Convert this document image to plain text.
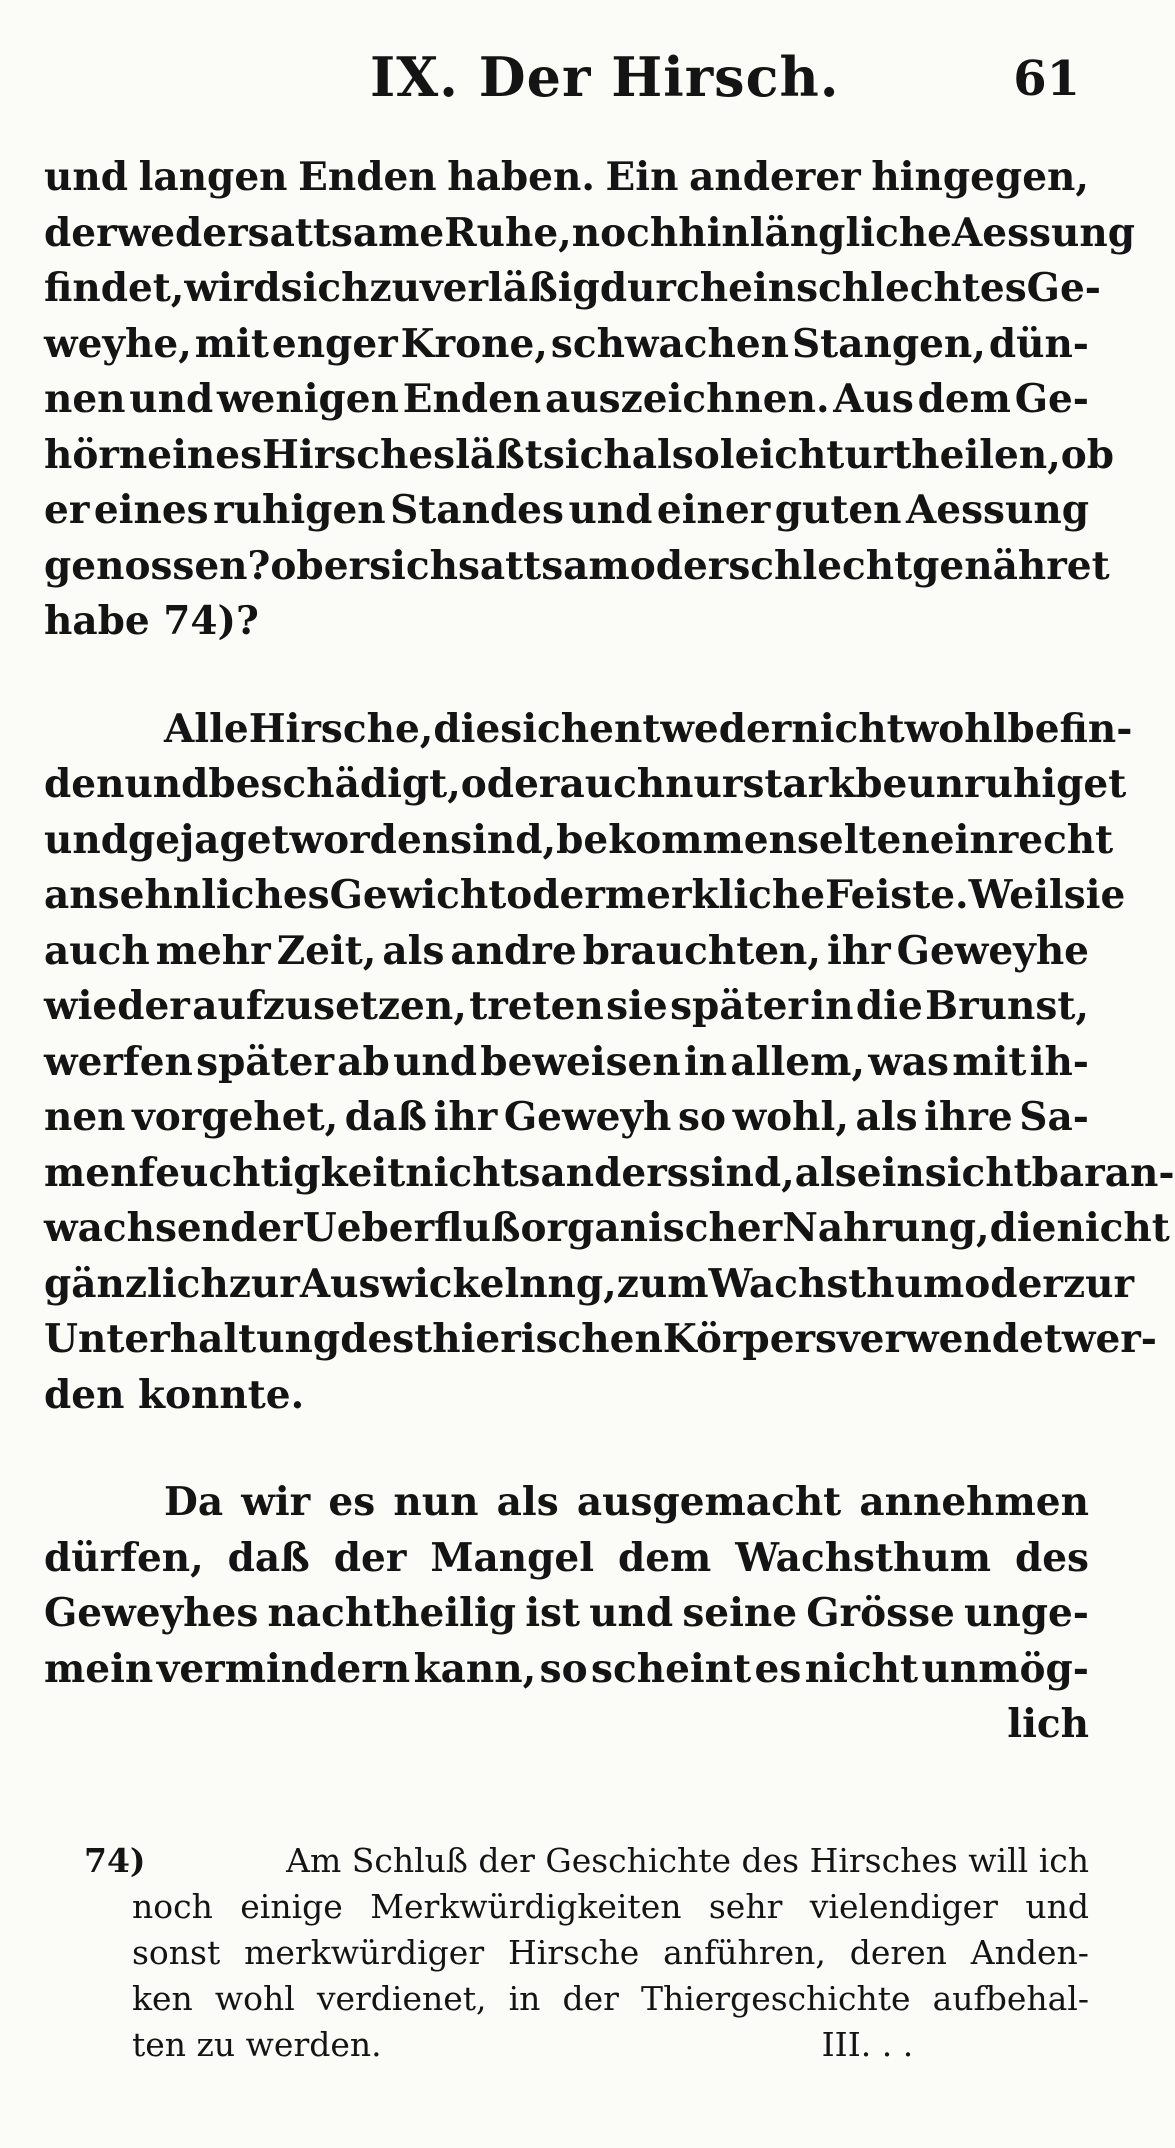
IX. Der Hirsch.	61
und langen Enden haben. Ein anderer hingegen,
der weder sattsame Ruhe, noch hinlängliche Aessung
findet, wird sich zuverläßig durch ein schlechtes Ge-
weyhe, mit enger Krone, schwachen Stangen, dün-
nen und wenigen Enden auszeichnen. Aus dem Ge-
hörn eines Hirsches läßt sich also leicht urtheilen, ob
er eines ruhigen Standes und einer guten Aessung
genossen? ob er sich sattsam oder schlecht genähret
habe 74)?
Alle Hirsche, die sich entweder nicht wohl befin-
den und beschädigt, oder auch nur stark beunruhiget
und gejaget worden sind, bekommen selten ein recht
ansehnliches Gewicht oder merkliche Feiste. Weil sie
auch mehr Zeit, als andre brauchten, ihr Geweyhe
wieder aufzusetzen, treten sie später in die Brunst,
werfen später ab und beweisen in allem, was mit ih-
nen vorgehet, daß ihr Geweyh so wohl, als ihre Sa-
menfeuchtigkeit nichts anders sind, als ein sichtbar an-
wachsender Ueberfluß organischer Nahrung, die nicht
gänzlich zur Auswickelnng, zum Wachsthum oder zur
Unterhaltung des thierischen Körpers verwendet wer-
den konnte.
Da wir es nun als ausgemacht annehmen
dürfen, daß der Mangel dem Wachsthum des
Geweyhes nachtheilig ist und seine Grösse unge-
mein vermindern kann, so scheint es nicht unmög-
lich
74)	Am Schluß der Geschichte des Hirsches will ich
noch einige Merkwürdigkeiten sehr vielendiger und
sonst merkwürdiger Hirsche anführen, deren Anden-
ken wohl verdienet, in der Thiergeschichte aufbehal-
ten zu werden.	III. . .
